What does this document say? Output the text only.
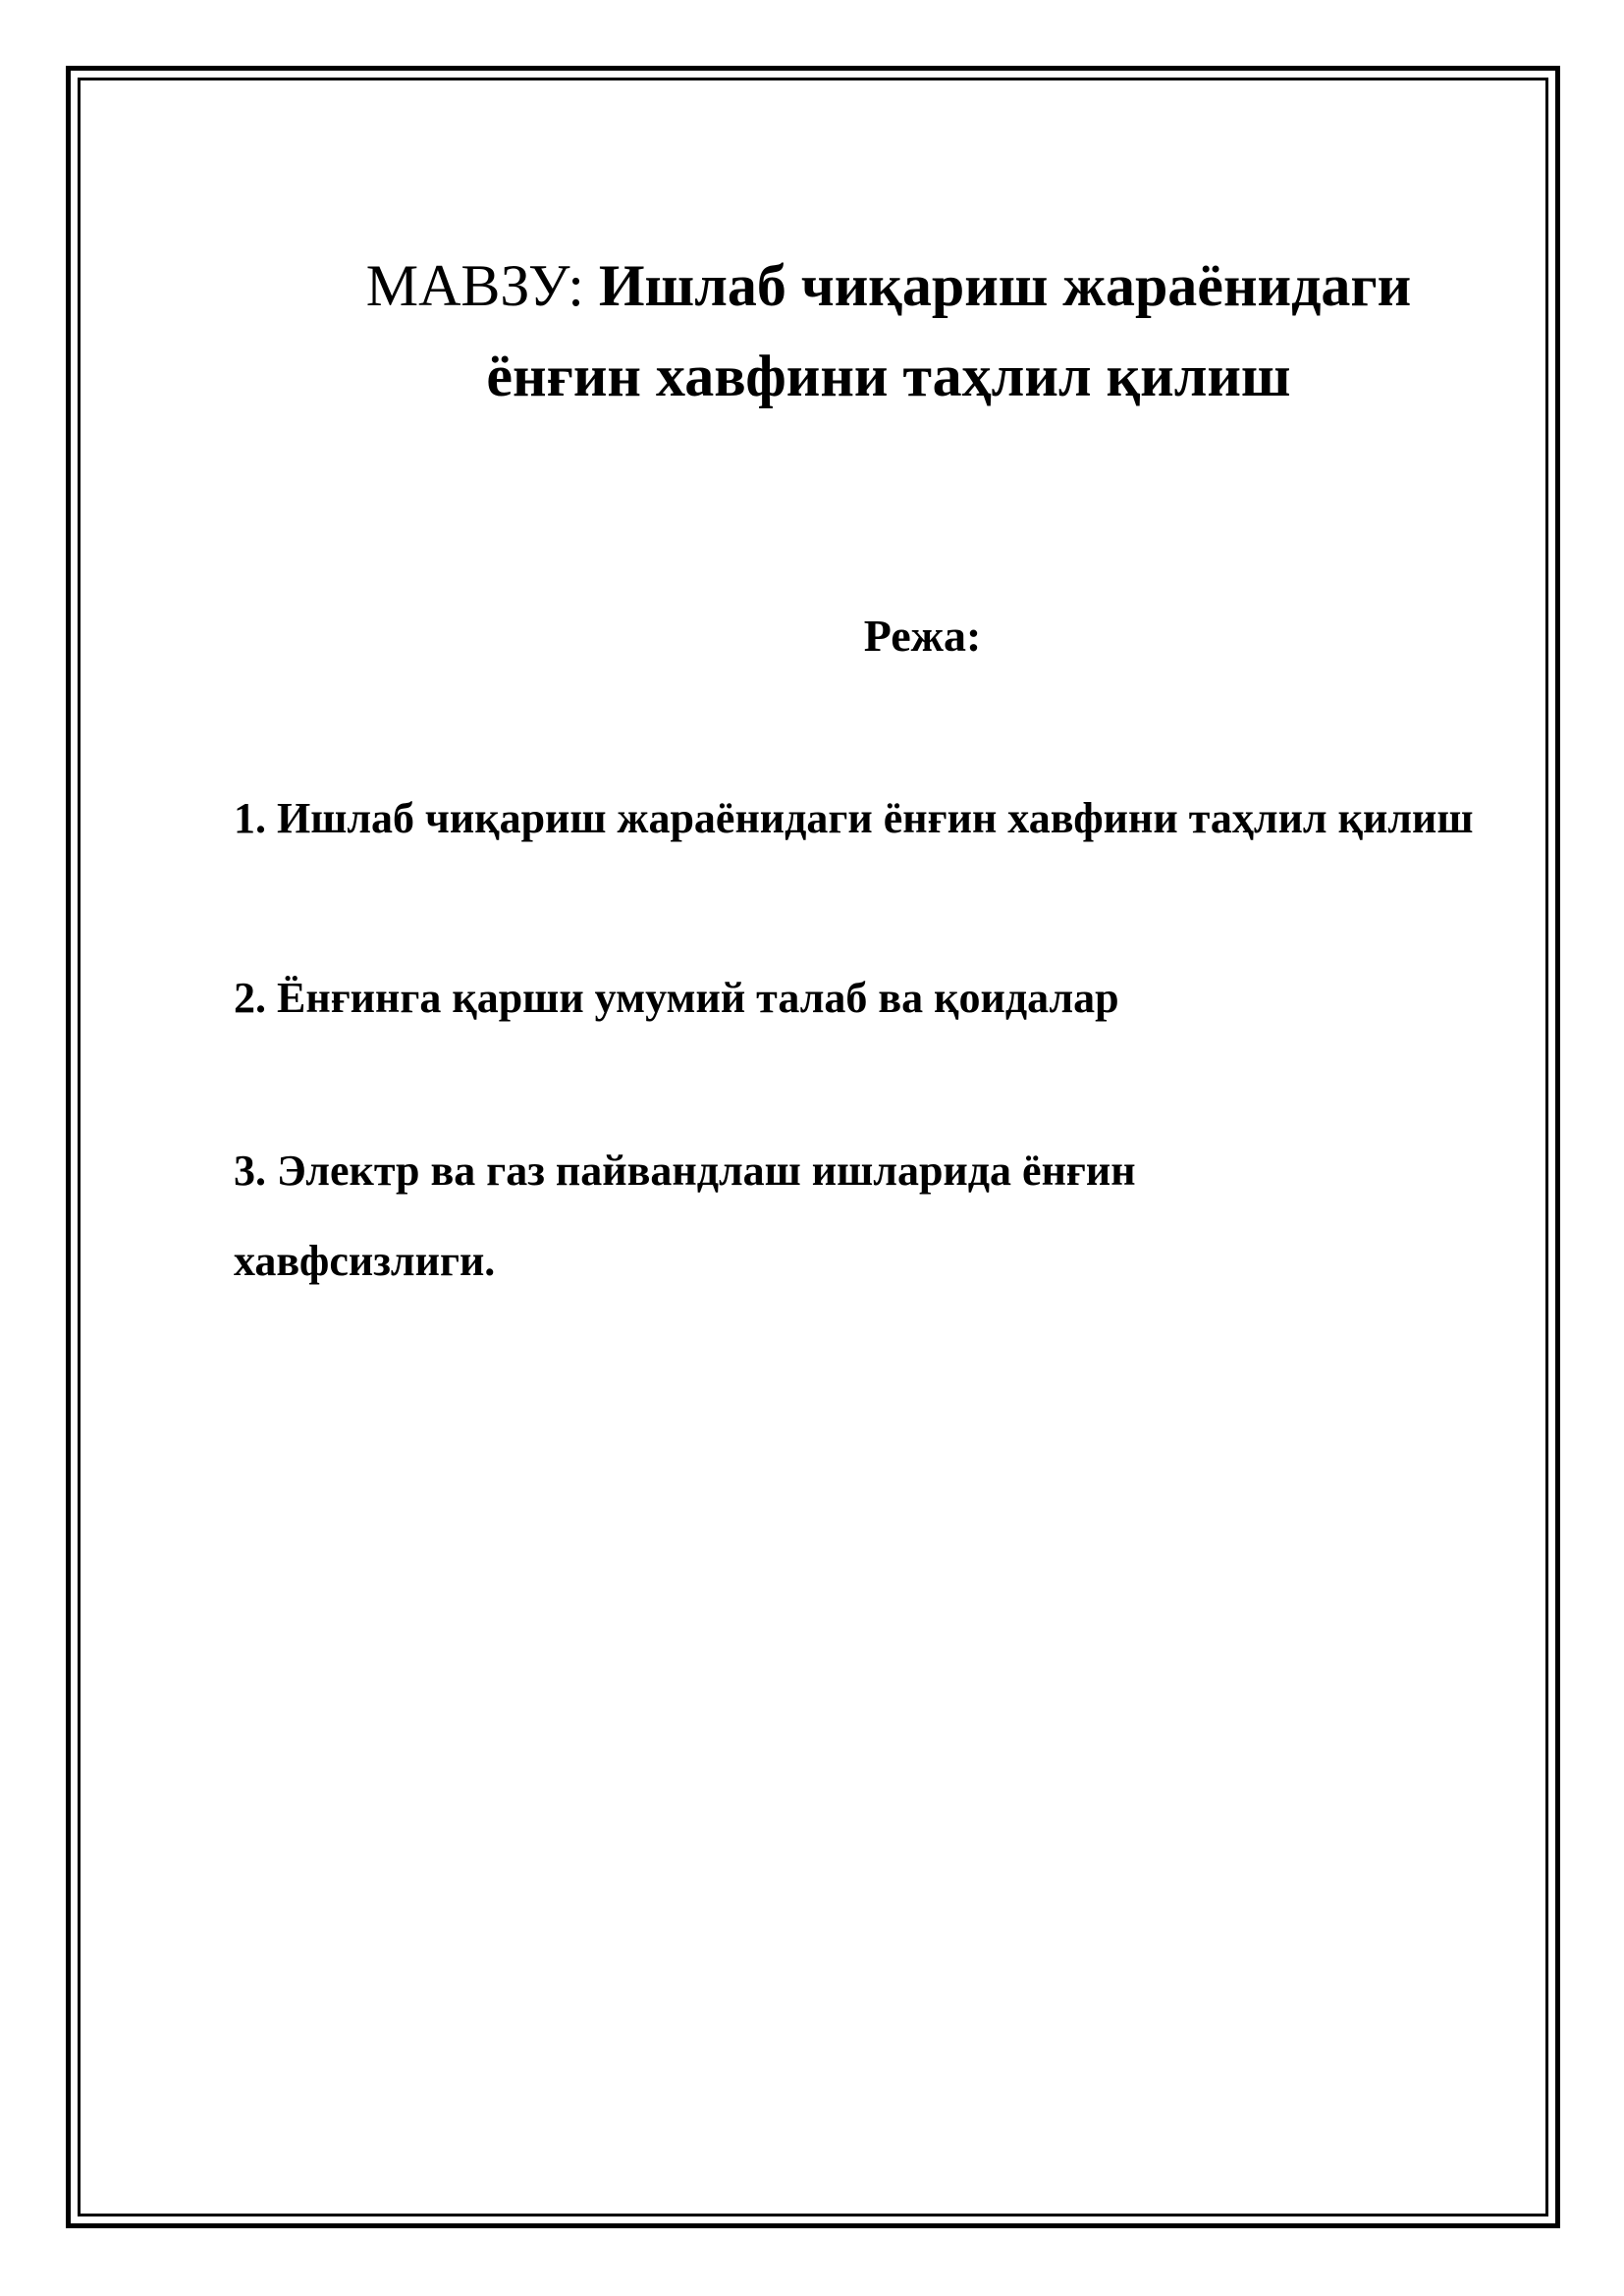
МАВЗУ: Ишлаб чиқариш жараёнидаги
ёнғин хавфини таҳлил қилиш
Режа:
1. Ишлаб чиқариш жараёнидаги ёнғин хавфини таҳлил қилиш
2. Ёнғинга қарши умумий талаб ва қоидалар
3. Электр ва газ пайвандлаш ишларида ёнғин
хавфсизлиги.
